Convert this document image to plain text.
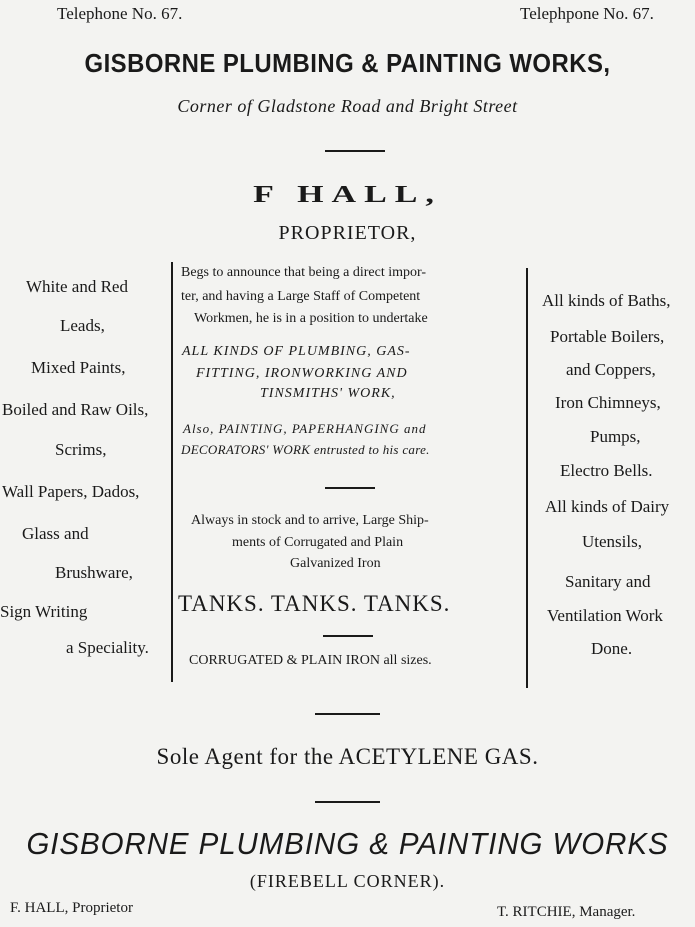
Telephone No. 67.	Telephpone No. 67.
GISBORNE PLUMBING & PAINTING WORKS,
Corner of Gladstone Road and Bright Street
F HALL,
PROPRIETOR,
White and Red
Leads,
Mixed Paints,
Boiled and Raw Oils,
Scrims,
Wall Papers, Dados,
Glass and
Brushware,
Sign Writing
a Speciality.
Begs to announce that being a direct impor-
ter, and having a Large Staff of Competent
Workmen, he is in a position to undertake
ALL KINDS OF PLUMBING, GAS-
FITTING, IRONWORKING AND
TINSMITHS' WORK,
Also, PAINTING, PAPERHANGING and
DECORATORS' WORK entrusted to his care.
Always in stock and to arrive, Large Ship-
ments of Corrugated and Plain
Galvanized Iron
TANKS. TANKS. TANKS.
CORRUGATED & PLAIN IRON all sizes.
All kinds of Baths,
Portable Boilers,
and Coppers,
Iron Chimneys,
Pumps,
Electro Bells.
All kinds of Dairy
Utensils,
Sanitary and
Ventilation Work
Done.
Sole Agent for the ACETYLENE GAS.
GISBORNE PLUMBING & PAINTING WORKS
(FIREBELL CORNER).
F. HALL, Proprietor	T. RITCHIE, Manager.
